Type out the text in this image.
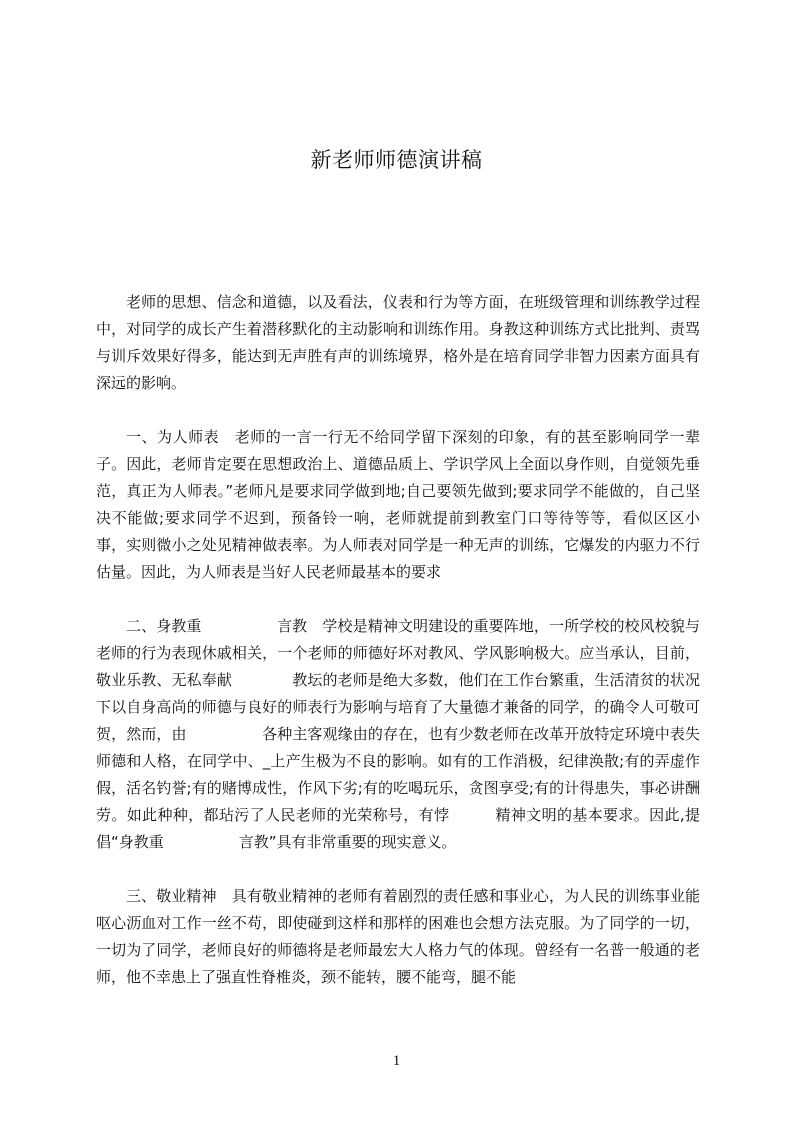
新老师师德演讲稿

老师的思想、信念和道德，以及看法，仪表和行为等方面，在班级管理和训练教学过程中，对同学的成长产生着潜移默化的主动影响和训练作用。身教这种训练方式比批判、责骂与训斥效果好得多，能达到无声胜有声的训练境界，格外是在培育同学非智力因素方面具有深远的影响。

一、为人师表　老师的一言一行无不给同学留下深刻的印象，有的甚至影响同学一辈子。因此，老师肯定要在思想政治上、道德品质上、学识学风上全面以身作则，自觉领先垂范，真正为人师表。”老师凡是要求同学做到地;自己要领先做到;要求同学不能做的，自己坚决不能做;要求同学不迟到，预备铃一响，老师就提前到教室门口等待等等，看似区区小事，实则微小之处见精神做表率。为人师表对同学是一种无声的训练，它爆发的内驱力不行估量。因此，为人师表是当好人民老师最基本的要求

二、身教重　　　　　言教　学校是精神文明建设的重要阵地，一所学校的校风校貌与老师的行为表现休戚相关，一个老师的师德好坏对教风、学风影响极大。应当承认，目前，敬业乐教、无私奉献　　　　教坛的老师是绝大多数，他们在工作台繁重，生活清贫的状况下以自身高尚的师德与良好的师表行为影响与培育了大量德才兼备的同学，的确令人可敬可贺，然而，由　　　　　各种主客观缘由的存在，也有少数老师在改革开放特定环境中表失师德和人格，在同学中、_上产生极为不良的影响。如有的工作消极，纪律涣散;有的弄虚作假，活名钓誉;有的赌博成性，作风下劣;有的吃喝玩乐，贪图享受;有的计得患失，事必讲酬劳。如此种种，都玷污了人民老师的光荣称号，有悖　　　精神文明的基本要求。因此,提倡“身教重　　　　　言教”具有非常重要的现实意义。

三、敬业精神　具有敬业精神的老师有着剧烈的责任感和事业心，为人民的训练事业能呕心沥血对工作一丝不苟，即使碰到这样和那样的困难也会想方法克服。为了同学的一切，一切为了同学，老师良好的师德将是老师最宏大人格力气的体现。曾经有一名普一般通的老师，他不幸患上了强直性脊椎炎，颈不能转，腰不能弯，腿不能

1
